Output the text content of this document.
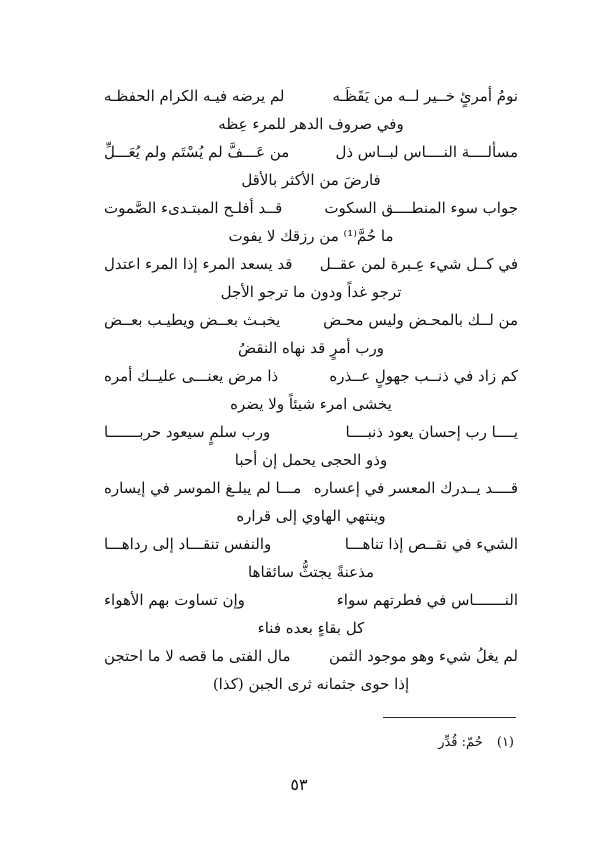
نومُ أمرئٍ خــير لــه من يَقَظَـه
لم يرضه فيـه الكرام الحفظـه
وفي صروف الدهر للمرء عِظه
مسألــــة النــــاس لبــاس ذل
من عَـــفَّ لم يُسْتَم ولم يُعَـــلِّ
فارضَ من الأكثر بالأقل
جواب سوء المنطــــق السكوت
قــد أفلـح المبتـدىء الصَّموت
ما حُمَّ⁽¹⁾ من رزقك لا يفوت
في كــل شيء عِـبرة لمن عقــل
قد يسعد المرء إذا المرء اعتدل
ترجو غداً ودون ما ترجو الأجل
من لــك بالمحـض وليس محـض
يخبـث بعــض ويطيـب بعــض
ورب أمرٍ قد نهاه النقضُ
كم زاد في ذنــب جهولٍ عــذره
ذا مرض يعنـــى عليــك أمره
يخشى امرء شيئاً ولا يضره
يــــا رب إحسان يعود ذنبــــا
ورب سلمٍ سيعود حربـــــــا
وذو الحجى يحمل إن أحبا
قــــد يــدرك المعسر في إعساره
مـــا لم يبلـغ الموسر في إيساره
وينتهي الهاوي إلى قراره
الشيء في نقــص إذا تناهـــا
والنفس تنقـــاد إلى رداهـــا
مذعنةً يجتثُّ سائقاها
النـــــــاس في فطرتهم سواء
وإن تساوت بهم الأهواء
كل بقاءٍ بعده فناء
لم يغلُ شيء وهو موجود الثمن
مال الفتى ما قصه لا ما احتجن
إذا حوى جثمانه ثرى الجبن (كذا)
(١) حُمّ: قُدِّر
٥٣
